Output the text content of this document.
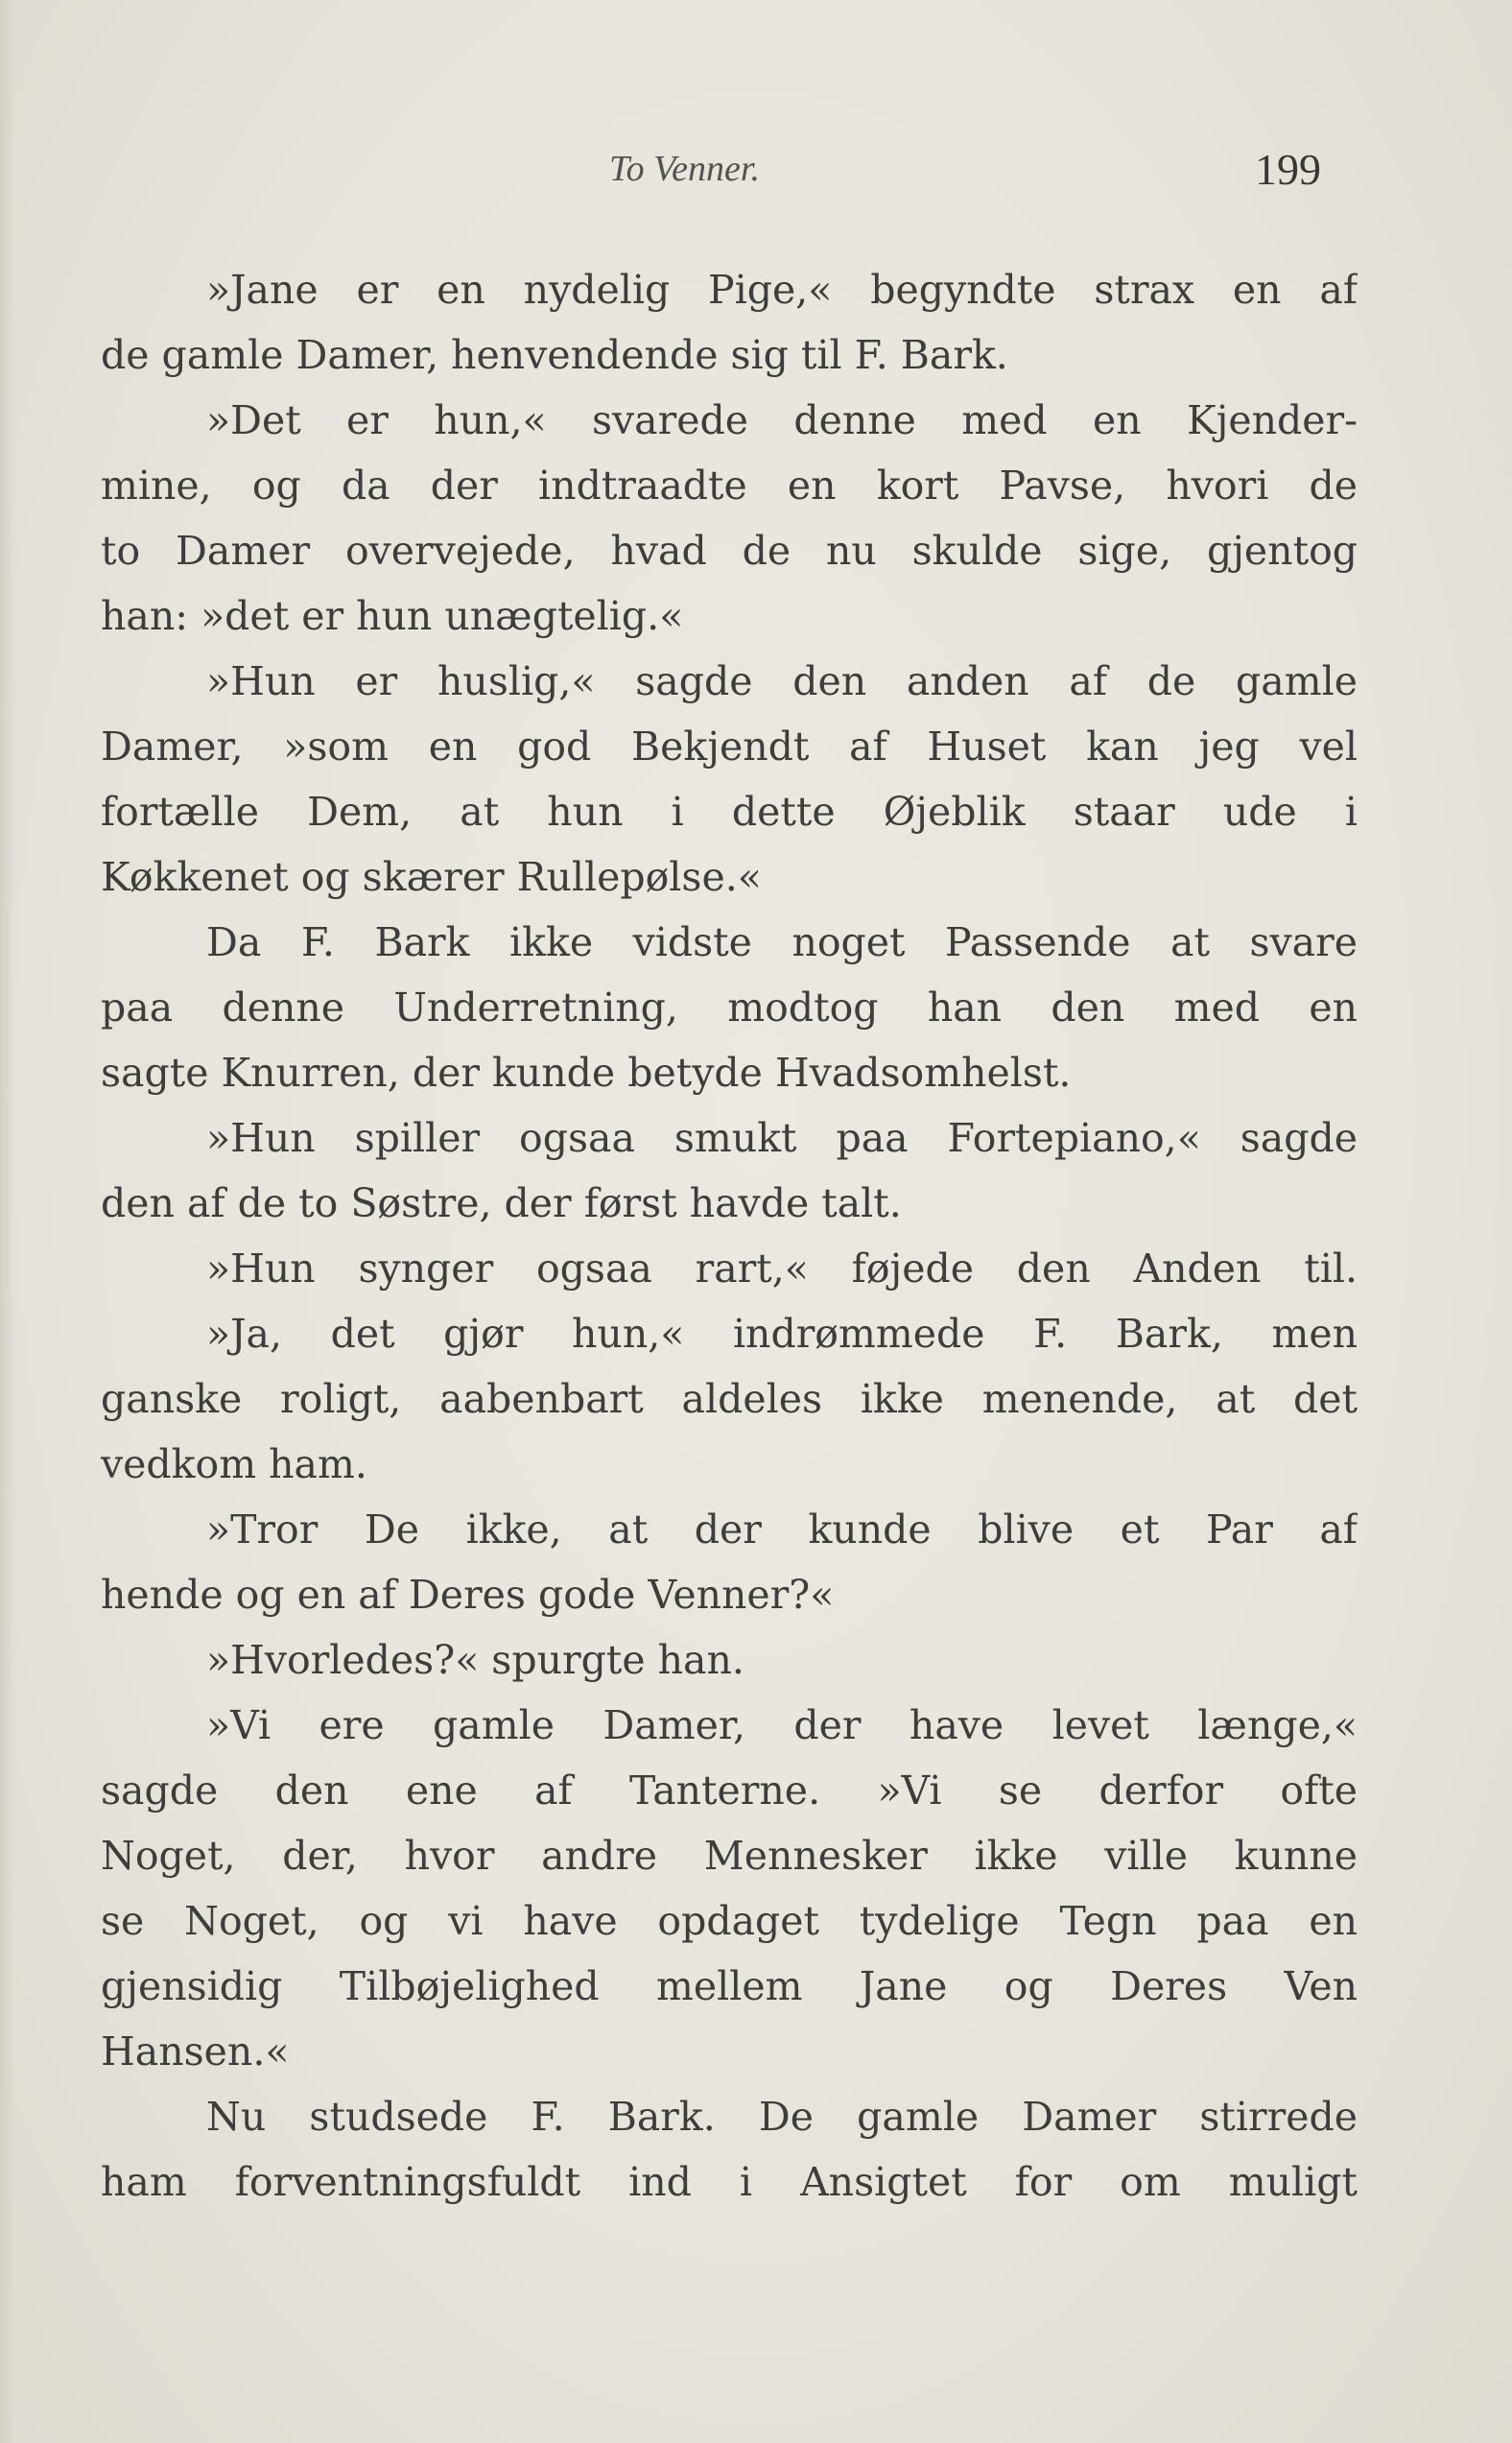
To Venner.	199
»Jane er en nydelig Pige,« begyndte strax en af
de gamle Damer, henvendende sig til F. Bark.
»Det er hun,« svarede denne med en Kjender-
mine, og da der indtraadte en kort Pavse, hvori de
to Damer overvejede, hvad de nu skulde sige, gjentog
han: »det er hun unægtelig.«
»Hun er huslig,« sagde den anden af de gamle
Damer, »som en god Bekjendt af Huset kan jeg vel
fortælle Dem, at hun i dette Øjeblik staar ude i
Køkkenet og skærer Rullepølse.«
Da F. Bark ikke vidste noget Passende at svare
paa denne Underretning, modtog han den med en
sagte Knurren, der kunde betyde Hvadsomhelst.
»Hun spiller ogsaa smukt paa Fortepiano,« sagde
den af de to Søstre, der først havde talt.
»Hun synger ogsaa rart,« føjede den Anden til.
»Ja, det gjør hun,« indrømmede F. Bark, men
ganske roligt, aabenbart aldeles ikke menende, at det
vedkom ham.
»Tror De ikke, at der kunde blive et Par af
hende og en af Deres gode Venner?«
»Hvorledes?« spurgte han.
»Vi ere gamle Damer, der have levet længe,«
sagde den ene af Tanterne. »Vi se derfor ofte
Noget, der, hvor andre Mennesker ikke ville kunne
se Noget, og vi have opdaget tydelige Tegn paa en
gjensidig Tilbøjelighed mellem Jane og Deres Ven
Hansen.«
Nu studsede F. Bark. De gamle Damer stirrede
ham forventningsfuldt ind i Ansigtet for om muligt
